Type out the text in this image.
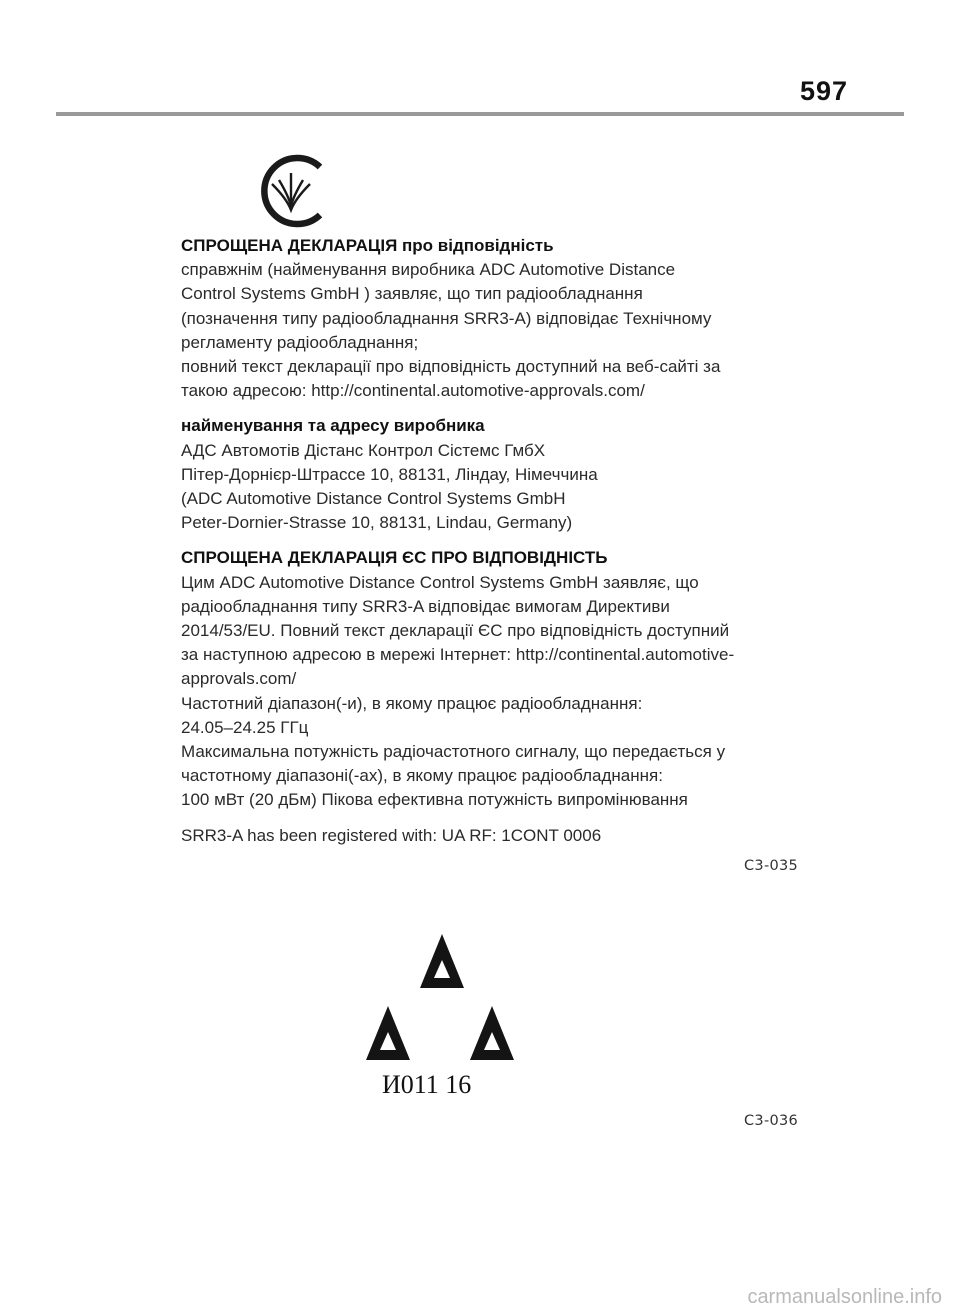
597
СПРОЩЕНА ДЕКЛАРАЦІЯ про відповідність
справжнім (найменування виробника ADC Automotive Distance
Control Systems GmbH ) заявляє, що тип радіообладнання
(позначення типу радіообладнання SRR3-A) відповідає Технічному
регламенту радіообладнання;
повний текст декларації про відповідність доступний на веб-сайті за
такою адресою: http://continental.automotive-approvals.com/
найменування та адресу виробника
АДС Автомотів Дістанс Контрол Сістемс ГмбХ
Пітер-Дорнієр-Штрассе 10, 88131, Ліндау, Німеччина
(ADC Automotive Distance Control Systems GmbH
Peter-Dornier-Strasse 10, 88131, Lindau, Germany)
СПРОЩЕНА ДЕКЛАРАЦІЯ ЄС ПРО ВІДПОВІДНІСТЬ
Цим ADC Automotive Distance Control Systems GmbH заявляє, що
радіообладнання типу SRR3-A відповідає вимогам Директиви
2014/53/EU. Повний текст декларації ЄС про відповідність доступний
за наступною адресою в мережі Інтернет: http://continental.automotive-
approvals.com/
Частотний діапазон(-и), в якому працює радіообладнання:
24.05–24.25 ГГц
Максимальна потужність радіочастотного сигналу, що передається у
частотному діапазоні(-ах), в якому працює радіообладнання:
100 мВт (20 дБм) Пікова ефективна потужність випромінювання
SRR3-A has been registered with: UA RF: 1CONT 0006
C3-035
И011 16
C3-036
carmanualsonline.info
